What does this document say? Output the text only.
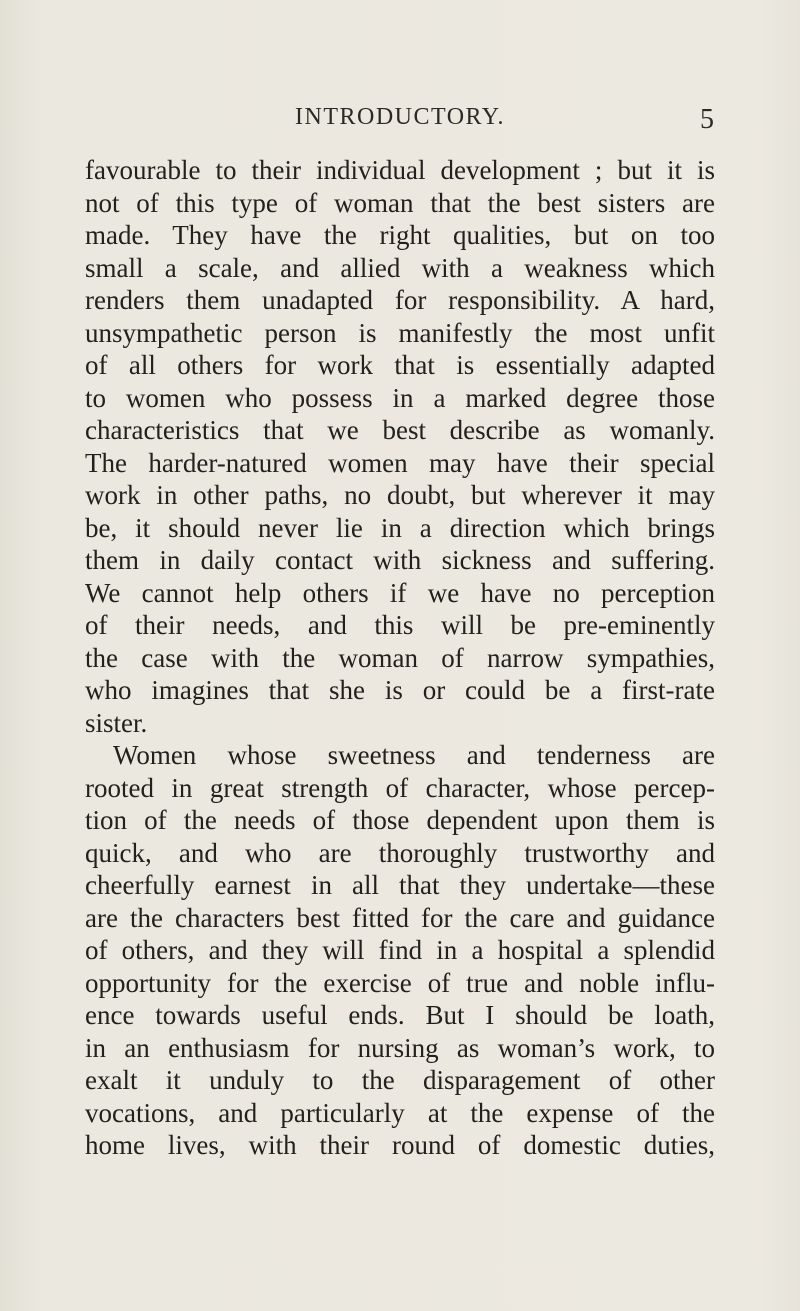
INTRODUCTORY.	5
favourable to their individual development ; but it is
not of this type of woman that the best sisters are
made. They have the right qualities, but on too
small a scale, and allied with a weakness which
renders them unadapted for responsibility. A hard,
unsympathetic person is manifestly the most unfit
of all others for work that is essentially adapted
to women who possess in a marked degree those
characteristics that we best describe as womanly.
The harder-natured women may have their special
work in other paths, no doubt, but wherever it may
be, it should never lie in a direction which brings
them in daily contact with sickness and suffering.
We cannot help others if we have no perception
of their needs, and this will be pre-eminently
the case with the woman of narrow sympathies,
who imagines that she is or could be a first-rate
sister.
Women whose sweetness and tenderness are
rooted in great strength of character, whose percep-
tion of the needs of those dependent upon them is
quick, and who are thoroughly trustworthy and
cheerfully earnest in all that they undertake—these
are the characters best fitted for the care and guidance
of others, and they will find in a hospital a splendid
opportunity for the exercise of true and noble influ-
ence towards useful ends. But I should be loath,
in an enthusiasm for nursing as woman’s work, to
exalt it unduly to the disparagement of other
vocations, and particularly at the expense of the
home lives, with their round of domestic duties,
